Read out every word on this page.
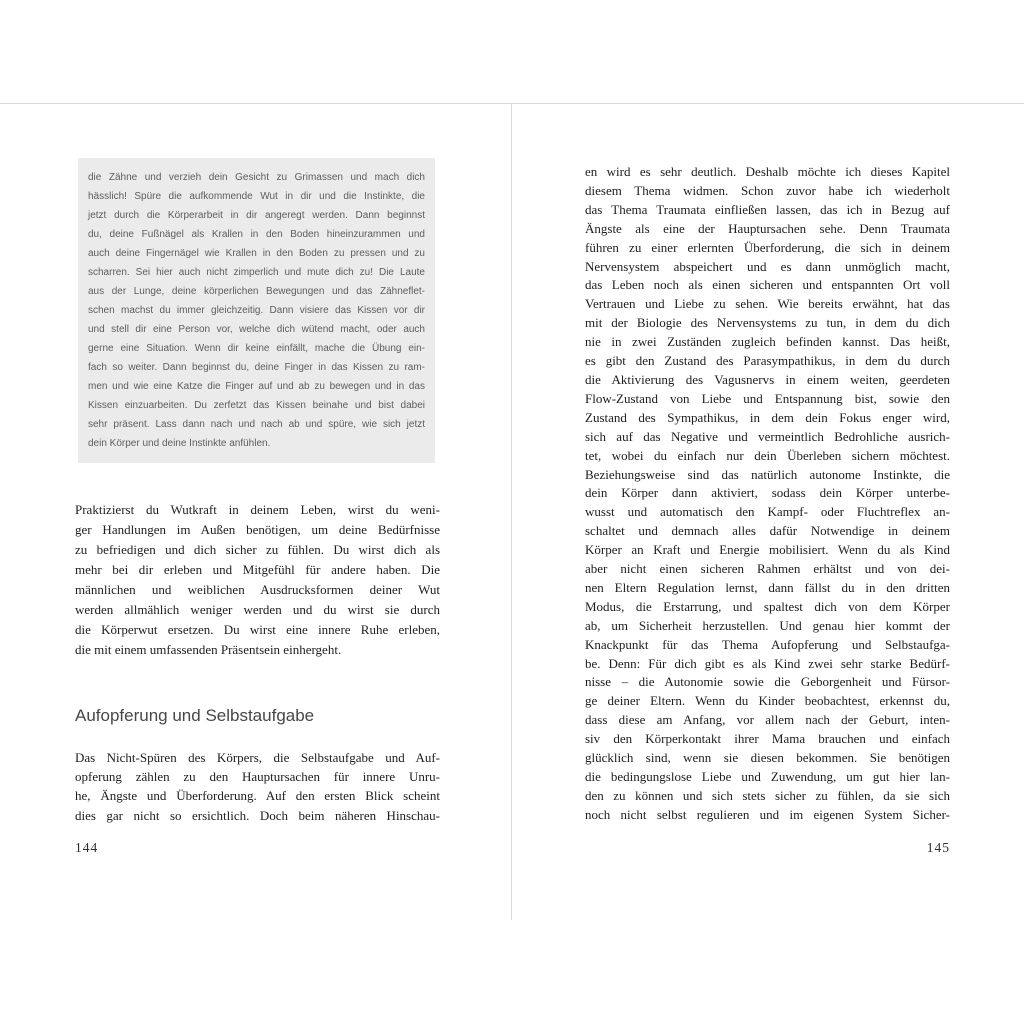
die Zähne und verzieh dein Gesicht zu Grimassen und mach dich
hässlich! Spüre die aufkommende Wut in dir und die Instinkte, die
jetzt durch die Körperarbeit in dir angeregt werden. Dann beginnst
du, deine Fußnägel als Krallen in den Boden hineinzurammen und
auch deine Fingernägel wie Krallen in den Boden zu pressen und zu
scharren. Sei hier auch nicht zimperlich und mute dich zu! Die Laute
aus der Lunge, deine körperlichen Bewegungen und das Zähneflet-
schen machst du immer gleichzeitig. Dann visiere das Kissen vor dir
und stell dir eine Person vor, welche dich wütend macht, oder auch
gerne eine Situation. Wenn dir keine einfällt, mache die Übung ein-
fach so weiter. Dann beginnst du, deine Finger in das Kissen zu ram-
men und wie eine Katze die Finger auf und ab zu bewegen und in das
Kissen einzuarbeiten. Du zerfetzt das Kissen beinahe und bist dabei
sehr präsent. Lass dann nach und nach ab und spüre, wie sich jetzt
dein Körper und deine Instinkte anfühlen.
Praktizierst du Wutkraft in deinem Leben, wirst du weni-
ger Handlungen im Außen benötigen, um deine Bedürfnisse
zu befriedigen und dich sicher zu fühlen. Du wirst dich als
mehr bei dir erleben und Mitgefühl für andere haben. Die
männlichen und weiblichen Ausdrucksformen deiner Wut
werden allmählich weniger werden und du wirst sie durch
die Körperwut ersetzen. Du wirst eine innere Ruhe erleben,
die mit einem umfassenden Präsentsein einhergeht.
Aufopferung und Selbstaufgabe
Das Nicht-Spüren des Körpers, die Selbstaufgabe und Auf-
opferung zählen zu den Hauptursachen für innere Unru-
he, Ängste und Überforderung. Auf den ersten Blick scheint
dies gar nicht so ersichtlich. Doch beim näheren Hinschau-
144
en wird es sehr deutlich. Deshalb möchte ich dieses Kapitel
diesem Thema widmen. Schon zuvor habe ich wiederholt
das Thema Traumata einfließen lassen, das ich in Bezug auf
Ängste als eine der Hauptursachen sehe. Denn Traumata
führen zu einer erlernten Überforderung, die sich in deinem
Nervensystem abspeichert und es dann unmöglich macht,
das Leben noch als einen sicheren und entspannten Ort voll
Vertrauen und Liebe zu sehen. Wie bereits erwähnt, hat das
mit der Biologie des Nervensystems zu tun, in dem du dich
nie in zwei Zuständen zugleich befinden kannst. Das heißt,
es gibt den Zustand des Parasympathikus, in dem du durch
die Aktivierung des Vagusnervs in einem weiten, geerdeten
Flow-Zustand von Liebe und Entspannung bist, sowie den
Zustand des Sympathikus, in dem dein Fokus enger wird,
sich auf das Negative und vermeintlich Bedrohliche ausrich-
tet, wobei du einfach nur dein Überleben sichern möchtest.
Beziehungsweise sind das natürlich autonome Instinkte, die
dein Körper dann aktiviert, sodass dein Körper unterbe-
wusst und automatisch den Kampf- oder Fluchtreflex an-
schaltet und demnach alles dafür Notwendige in deinem
Körper an Kraft und Energie mobilisiert. Wenn du als Kind
aber nicht einen sicheren Rahmen erhältst und von dei-
nen Eltern Regulation lernst, dann fällst du in den dritten
Modus, die Erstarrung, und spaltest dich von dem Körper
ab, um Sicherheit herzustellen. Und genau hier kommt der
Knackpunkt für das Thema Aufopferung und Selbstaufga-
be. Denn: Für dich gibt es als Kind zwei sehr starke Bedürf-
nisse – die Autonomie sowie die Geborgenheit und Fürsor-
ge deiner Eltern. Wenn du Kinder beobachtest, erkennst du,
dass diese am Anfang, vor allem nach der Geburt, inten-
siv den Körperkontakt ihrer Mama brauchen und einfach
glücklich sind, wenn sie diesen bekommen. Sie benötigen
die bedingungslose Liebe und Zuwendung, um gut hier lan-
den zu können und sich stets sicher zu fühlen, da sie sich
noch nicht selbst regulieren und im eigenen System Sicher-
145
